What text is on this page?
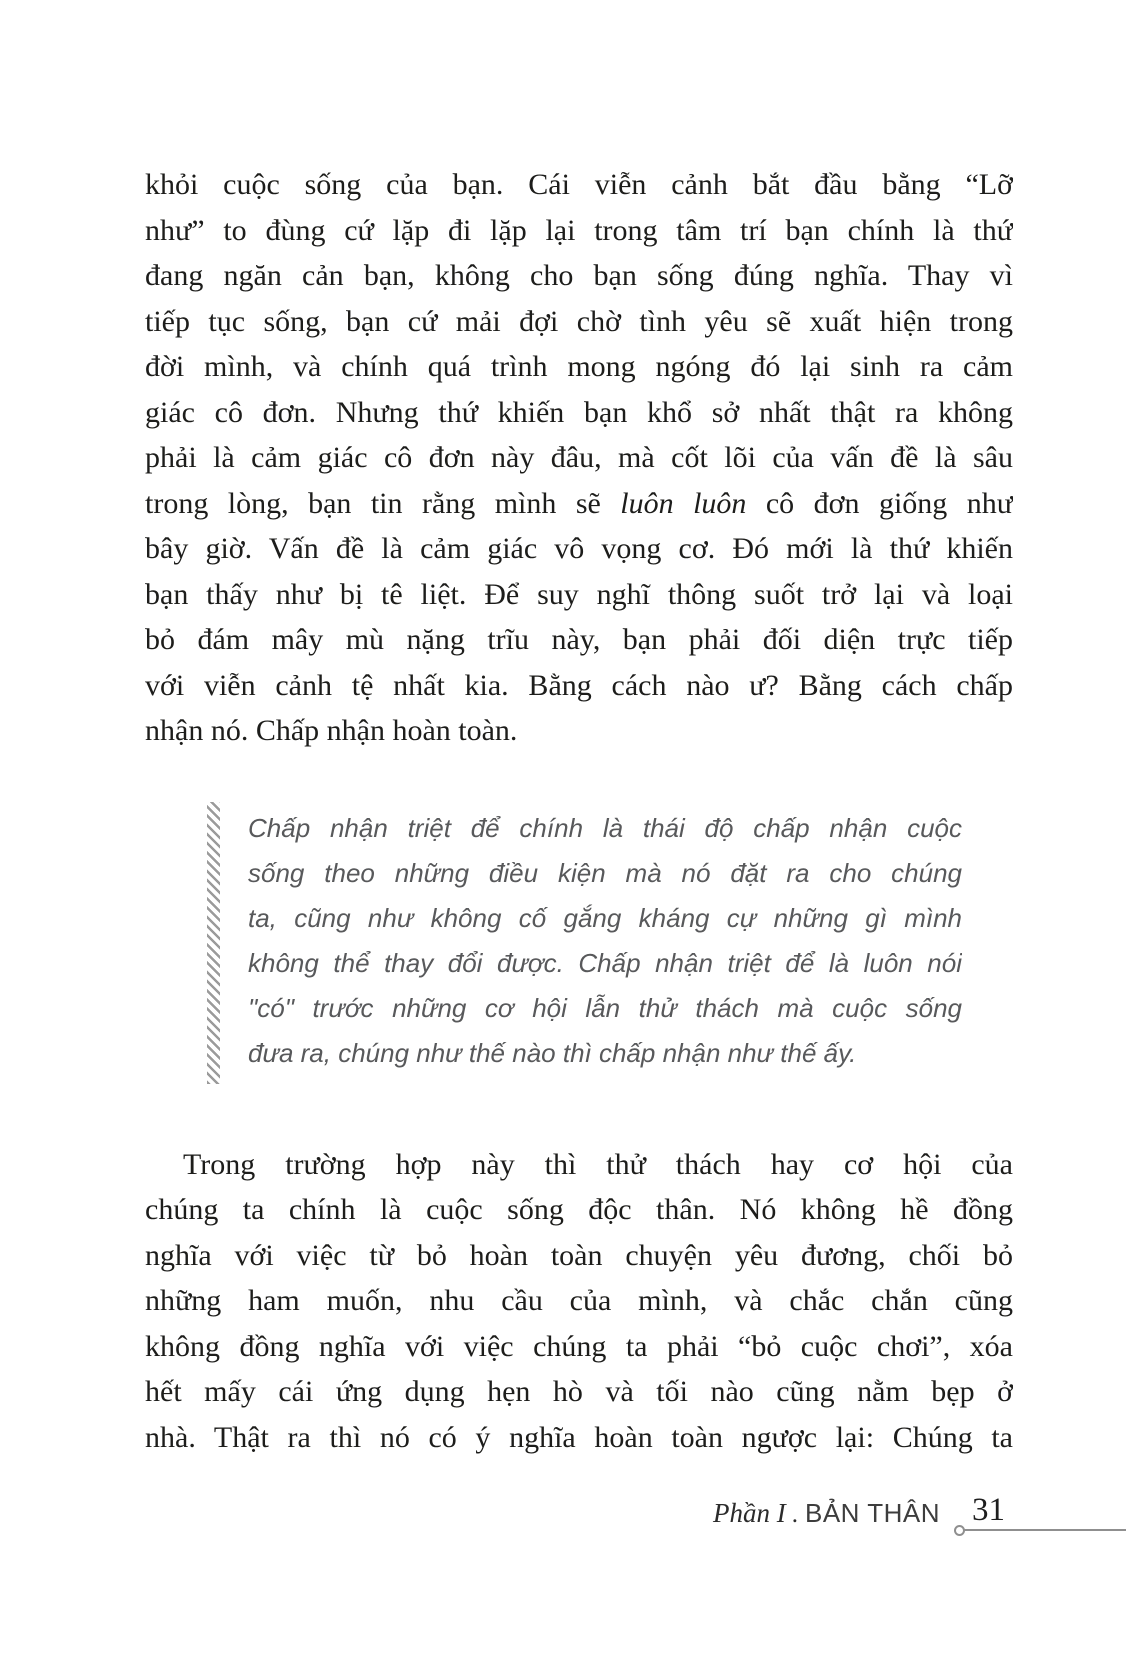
khỏi cuộc sống của bạn. Cái viễn cảnh bắt đầu bằng “Lỡ
như” to đùng cứ lặp đi lặp lại trong tâm trí bạn chính là thứ
đang ngăn cản bạn, không cho bạn sống đúng nghĩa. Thay vì
tiếp tục sống, bạn cứ mải đợi chờ tình yêu sẽ xuất hiện trong
đời mình, và chính quá trình mong ngóng đó lại sinh ra cảm
giác cô đơn. Nhưng thứ khiến bạn khổ sở nhất thật ra không
phải là cảm giác cô đơn này đâu, mà cốt lõi của vấn đề là sâu
trong lòng, bạn tin rằng mình sẽ luôn luôn cô đơn giống như
bây giờ. Vấn đề là cảm giác vô vọng cơ. Đó mới là thứ khiến
bạn thấy như bị tê liệt. Để suy nghĩ thông suốt trở lại và loại
bỏ đám mây mù nặng trĩu này, bạn phải đối diện trực tiếp
với viễn cảnh tệ nhất kia. Bằng cách nào ư? Bằng cách chấp
nhận nó. Chấp nhận hoàn toàn.
Chấp nhận triệt để chính là thái độ chấp nhận cuộc
sống theo những điều kiện mà nó đặt ra cho chúng
ta, cũng như không cố gắng kháng cự những gì mình
không thể thay đổi được. Chấp nhận triệt để là luôn nói
"có" trước những cơ hội lẫn thử thách mà cuộc sống
đưa ra, chúng như thế nào thì chấp nhận như thế ấy.
Trong trường hợp này thì thử thách hay cơ hội của
chúng ta chính là cuộc sống độc thân. Nó không hề đồng
nghĩa với việc từ bỏ hoàn toàn chuyện yêu đương, chối bỏ
những ham muốn, nhu cầu của mình, và chắc chắn cũng
không đồng nghĩa với việc chúng ta phải “bỏ cuộc chơi”, xóa
hết mấy cái ứng dụng hẹn hò và tối nào cũng nằm bẹp ở
nhà. Thật ra thì nó có ý nghĩa hoàn toàn ngược lại: Chúng ta
Phần I . BẢN THÂN 31
